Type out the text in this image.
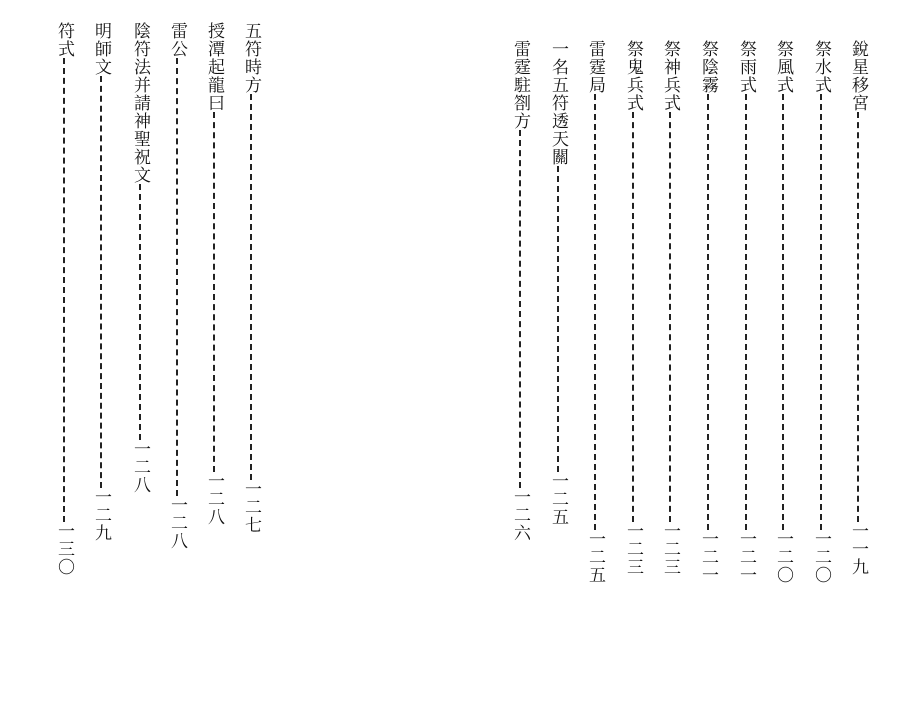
五符時方
一二七
授潭起龍曰
一二八
雷公
一二八
陰符法并請神聖祝文
一二八
明師文
一二九
符式
一三〇
銳星移宮
一一九
祭水式
一二〇
祭風式
一二〇
祭雨式
一二一
祭陰霧
一二一
祭神兵式
一二三
祭鬼兵式
一二三
雷霆局
一二五
一名五符透天關
一二五
雷霆駐劄方
一二六
